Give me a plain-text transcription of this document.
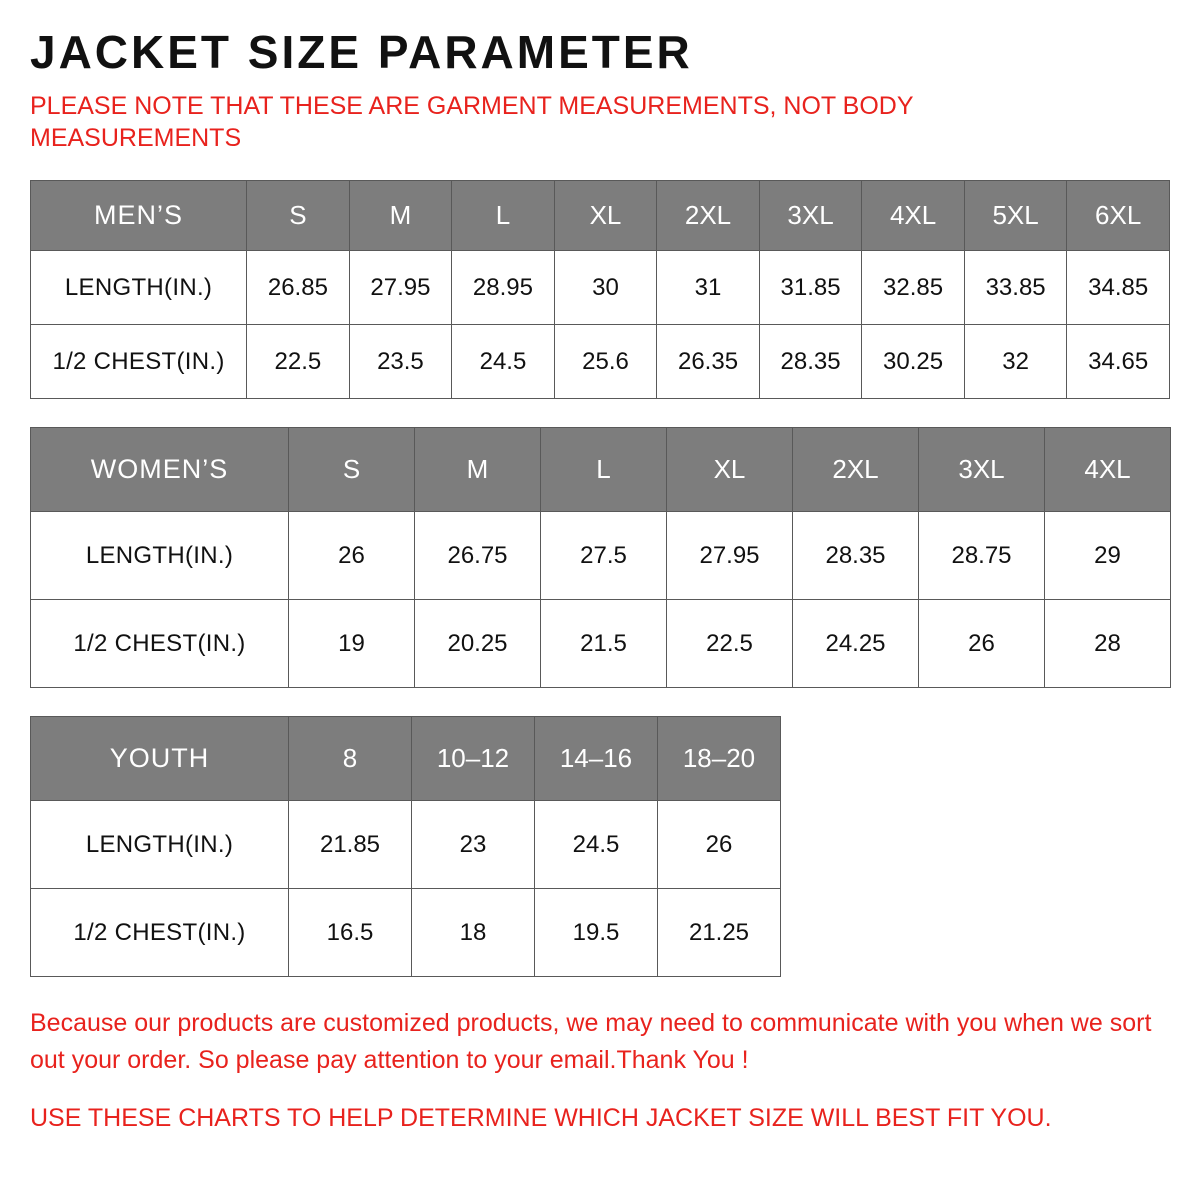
JACKET SIZE PARAMETER

PLEASE NOTE THAT THESE ARE GARMENT MEASUREMENTS, NOT BODY MEASUREMENTS

MEN’S	S	M	L	XL	2XL	3XL	4XL	5XL	6XL
LENGTH(IN.)	26.85	27.95	28.95	30	31	31.85	32.85	33.85	34.85
1/2 CHEST(IN.)	22.5	23.5	24.5	25.6	26.35	28.35	30.25	32	34.65
WOMEN’S	S	M	L	XL	2XL	3XL	4XL
LENGTH(IN.)	26	26.75	27.5	27.95	28.35	28.75	29
1/2 CHEST(IN.)	19	20.25	21.5	22.5	24.25	26	28
YOUTH	8	10–12	14–16	18–20
LENGTH(IN.)	21.85	23	24.5	26
1/2 CHEST(IN.)	16.5	18	19.5	21.25

Because our products are customized products, we may need to communicate with you when we sort out your order. So please pay attention to your email.Thank You !

USE THESE CHARTS TO HELP DETERMINE WHICH JACKET SIZE WILL BEST FIT YOU.
